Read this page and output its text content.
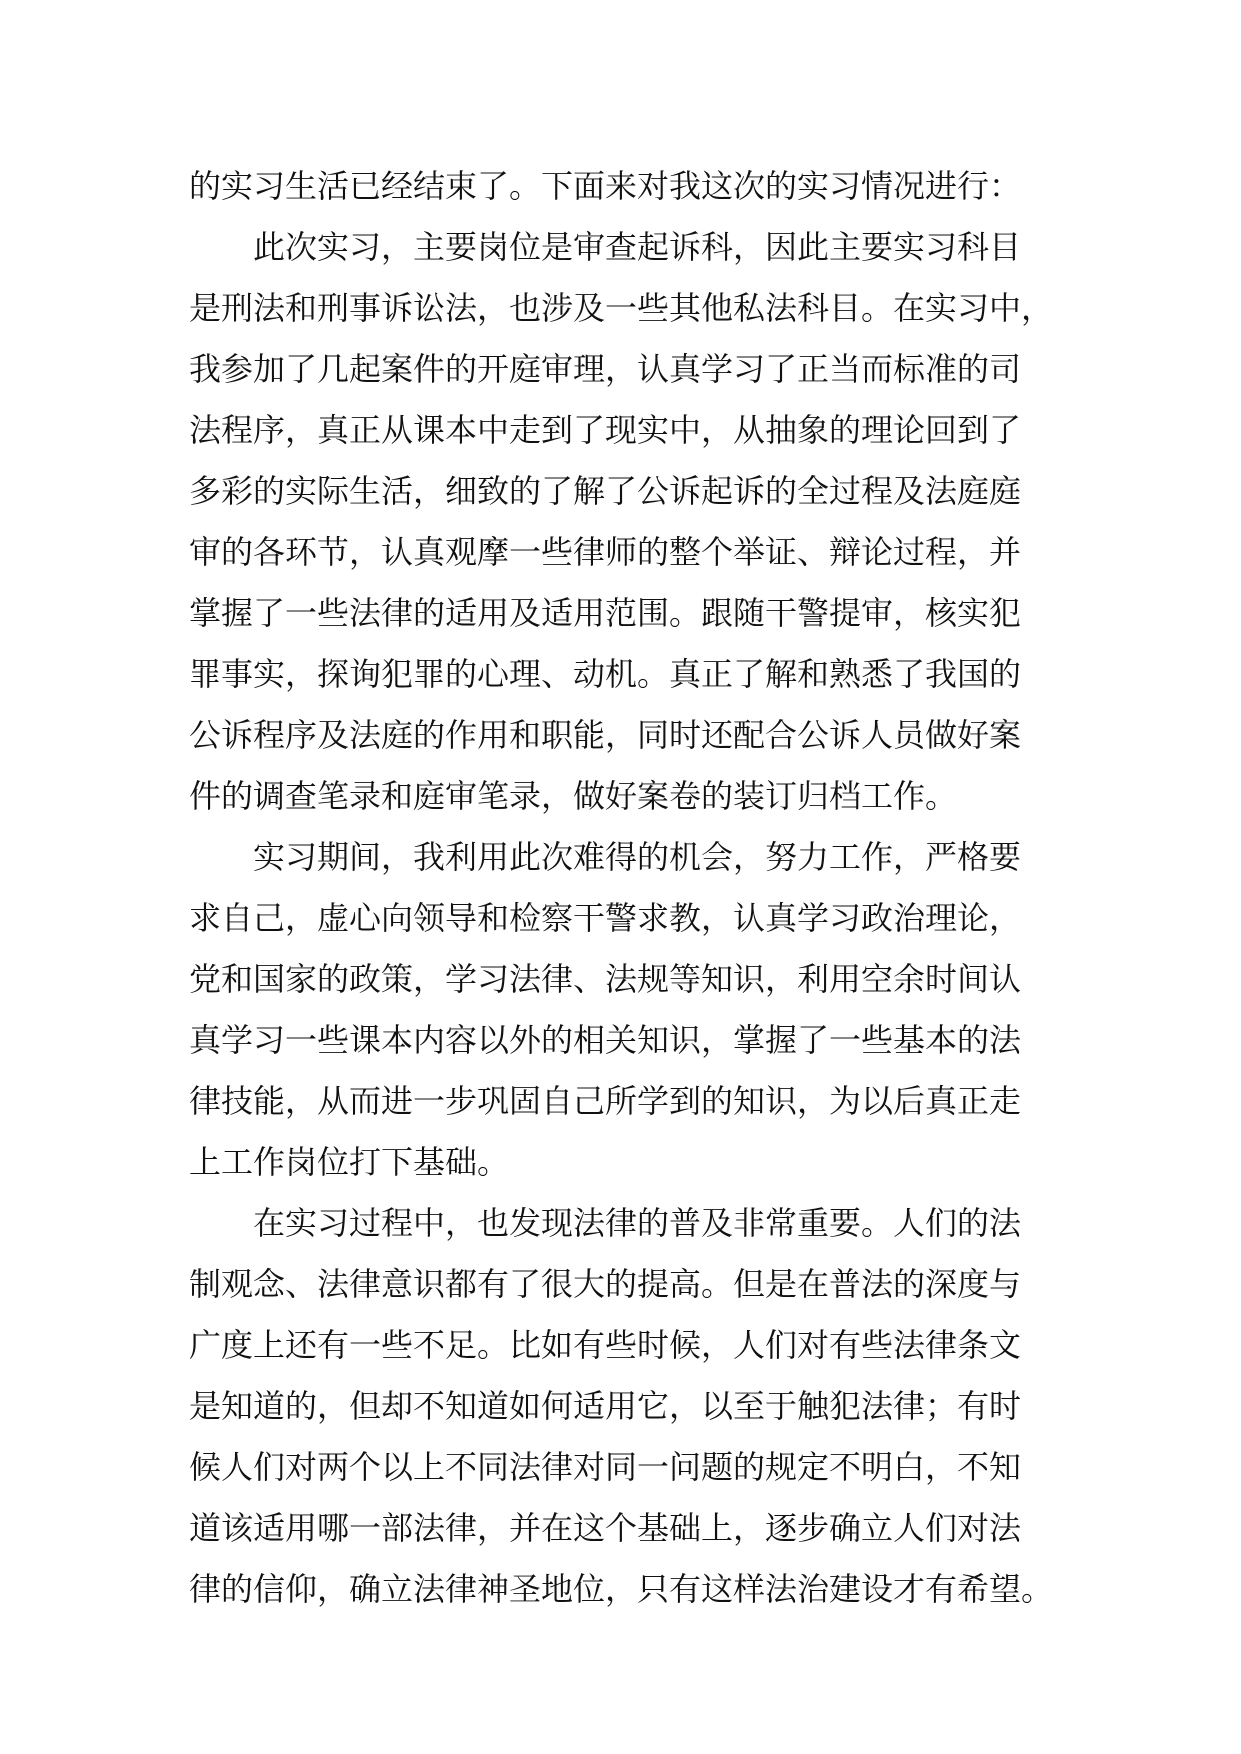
的实习生活已经结束了。下面来对我这次的实习情况进行：
　　此次实习，主要岗位是审查起诉科，因此主要实习科目
是刑法和刑事诉讼法，也涉及一些其他私法科目。在实习中，
我参加了几起案件的开庭审理，认真学习了正当而标准的司
法程序，真正从课本中走到了现实中，从抽象的理论回到了
多彩的实际生活，细致的了解了公诉起诉的全过程及法庭庭
审的各环节，认真观摩一些律师的整个举证、辩论过程，并
掌握了一些法律的适用及适用范围。跟随干警提审，核实犯
罪事实，探询犯罪的心理、动机。真正了解和熟悉了我国的
公诉程序及法庭的作用和职能，同时还配合公诉人员做好案
件的调查笔录和庭审笔录，做好案卷的装订归档工作。
　　实习期间，我利用此次难得的机会，努力工作，严格要
求自己，虚心向领导和检察干警求教，认真学习政治理论，
党和国家的政策，学习法律、法规等知识，利用空余时间认
真学习一些课本内容以外的相关知识，掌握了一些基本的法
律技能，从而进一步巩固自己所学到的知识，为以后真正走
上工作岗位打下基础。
　　在实习过程中，也发现法律的普及非常重要。人们的法
制观念、法律意识都有了很大的提高。但是在普法的深度与
广度上还有一些不足。比如有些时候，人们对有些法律条文
是知道的，但却不知道如何适用它，以至于触犯法律；有时
候人们对两个以上不同法律对同一问题的规定不明白，不知
道该适用哪一部法律，并在这个基础上，逐步确立人们对法
律的信仰，确立法律神圣地位，只有这样法治建设才有希望。
